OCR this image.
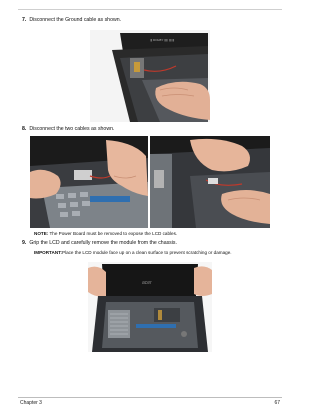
7. Disconnect the Ground cable as shown.
||| DOLBY ||||| |||||||
8. Disconnect the two cables as shown.
NOTE: The Power Board must be removed to expose the LCD cables.
9. Grip the LCD and carefully remove the module from the chassis.
IMPORTANT:Place the LCD module face up on a clean surface to prevent scratching or damage.
acer
Chapter 3	67
